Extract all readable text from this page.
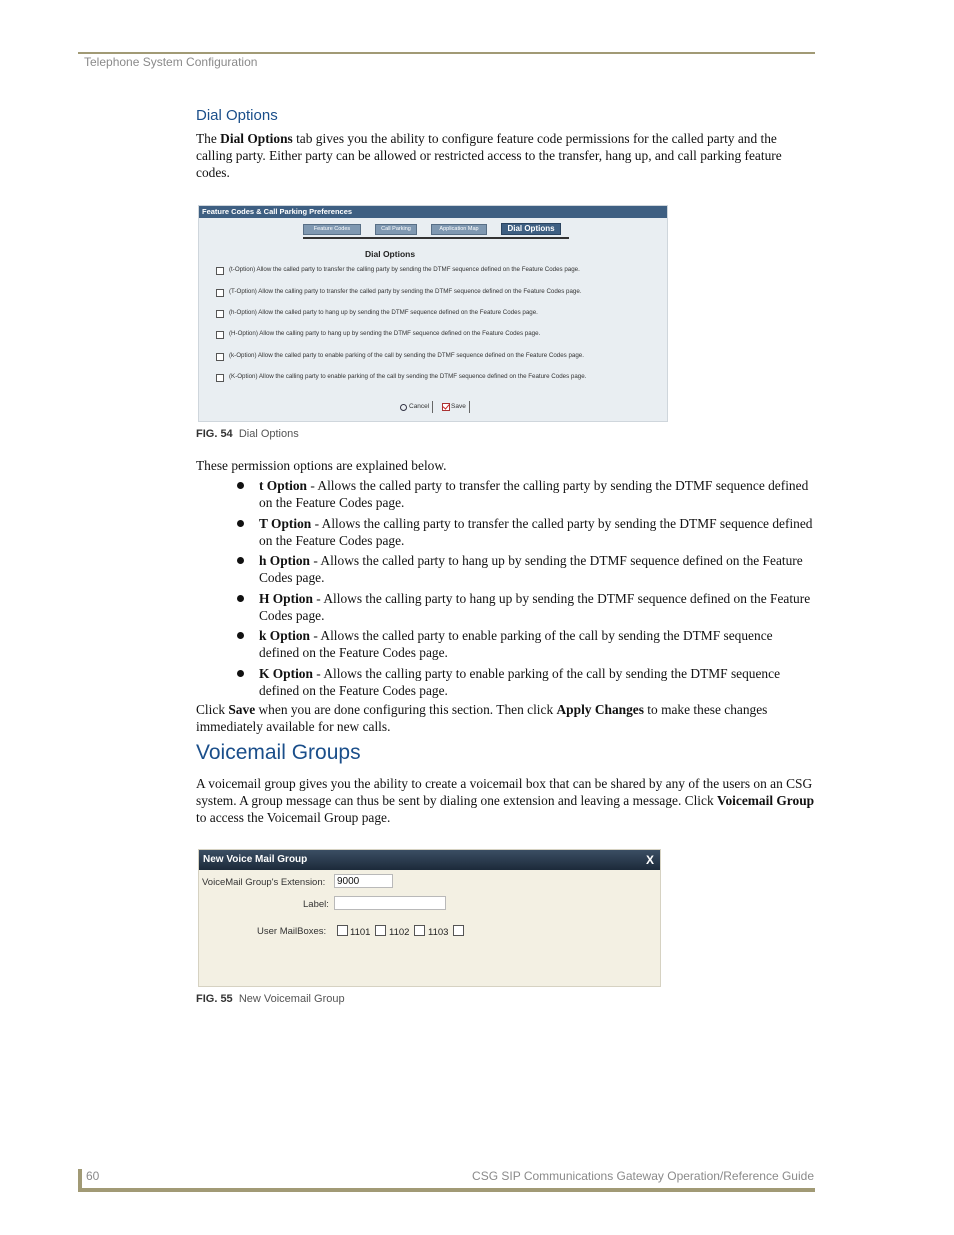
Telephone System Configuration
Dial Options
The Dial Options tab gives you the ability to configure feature code permissions for the called party and the calling party. Either party can be allowed or restricted access to the transfer, hang up, and call parking feature codes.
Feature Codes & Call Parking Preferences
Feature Codes	Call Parking	Application Map	Dial Options
Dial Options
(t-Option) Allow the called party to transfer the calling party by sending the DTMF sequence defined on the Feature Codes page.
(T-Option) Allow the calling party to transfer the called party by sending the DTMF sequence defined on the Feature Codes page.
(h-Option) Allow the called party to hang up by sending the DTMF sequence defined on the Feature Codes page.
(H-Option) Allow the calling party to hang up by sending the DTMF sequence defined on the Feature Codes page.
(k-Option) Allow the called party to enable parking of the call by sending the DTMF sequence defined on the Feature Codes page.
(K-Option) Allow the calling party to enable parking of the call by sending the DTMF sequence defined on the Feature Codes page.
Cancel	Save
FIG. 54 Dial Options
These permission options are explained below.
t Option - Allows the called party to transfer the calling party by sending the DTMF sequence defined on the Feature Codes page.
T Option - Allows the calling party to transfer the called party by sending the DTMF sequence defined on the Feature Codes page.
h Option - Allows the called party to hang up by sending the DTMF sequence defined on the Feature Codes page.
H Option - Allows the calling party to hang up by sending the DTMF sequence defined on the Feature Codes page.
k Option - Allows the called party to enable parking of the call by sending the DTMF sequence defined on the Feature Codes page.
K Option - Allows the calling party to enable parking of the call by sending the DTMF sequence defined on the Feature Codes page.
Click Save when you are done configuring this section. Then click Apply Changes to make these changes immediately available for new calls.
Voicemail Groups
A voicemail group gives you the ability to create a voicemail box that can be shared by any of the users on an CSG system. A group message can thus be sent by dialing one extension and leaving a message. Click Voicemail Group to access the Voicemail Group page.
New Voice Mail Group	X
VoiceMail Group's Extension:	9000
Label:
User MailBoxes:	1101 1102 1103
FIG. 55 New Voicemail Group
60	CSG SIP Communications Gateway Operation/Reference Guide
